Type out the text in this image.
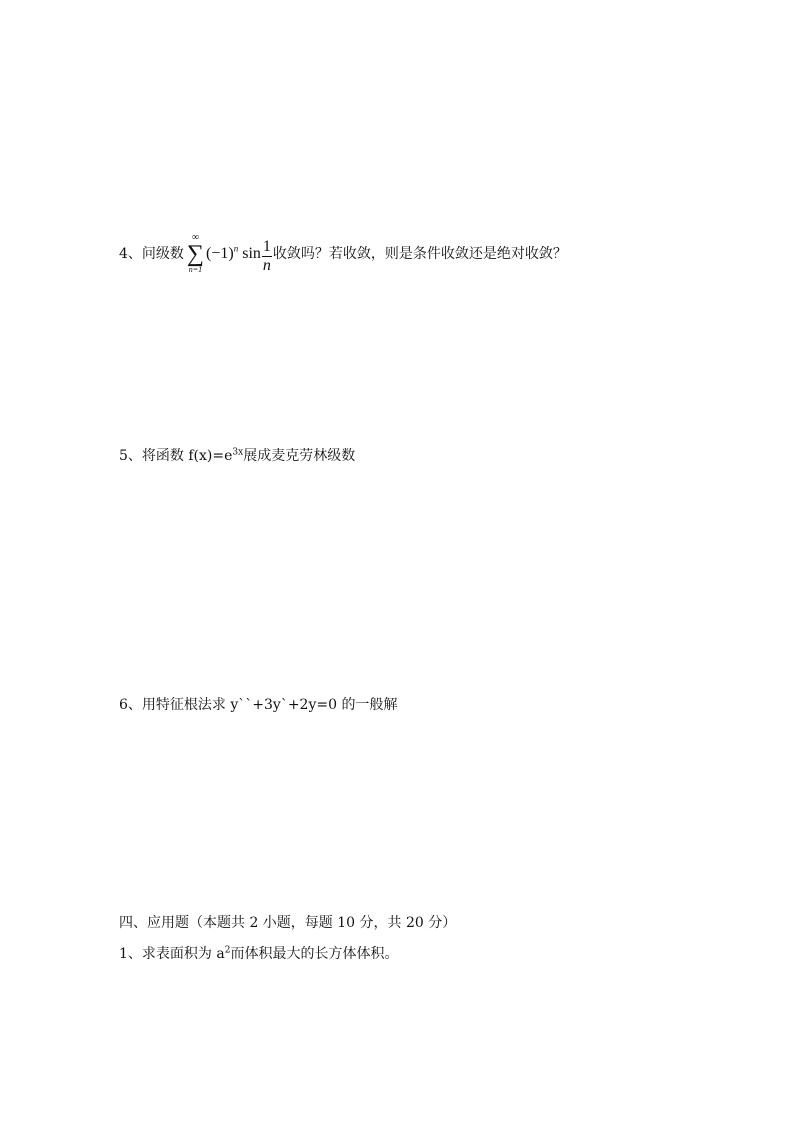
4、 问级数
∞
∑
n=1
$(-1)^n$ $\sin \frac{1}{n}$ 收敛吗？若收敛，则是条件收敛还是绝对收敛？
5、将函数 $f(x)=e^{3x}$展成麦克劳林级数
6、用特征根法求 y``+3y`+2y=0 的一般解
四、应用题（本题共 2 小题，每题 10 分，共 20 分）
1、求表面积为 $a^2$而体积最大的长方体体积。
